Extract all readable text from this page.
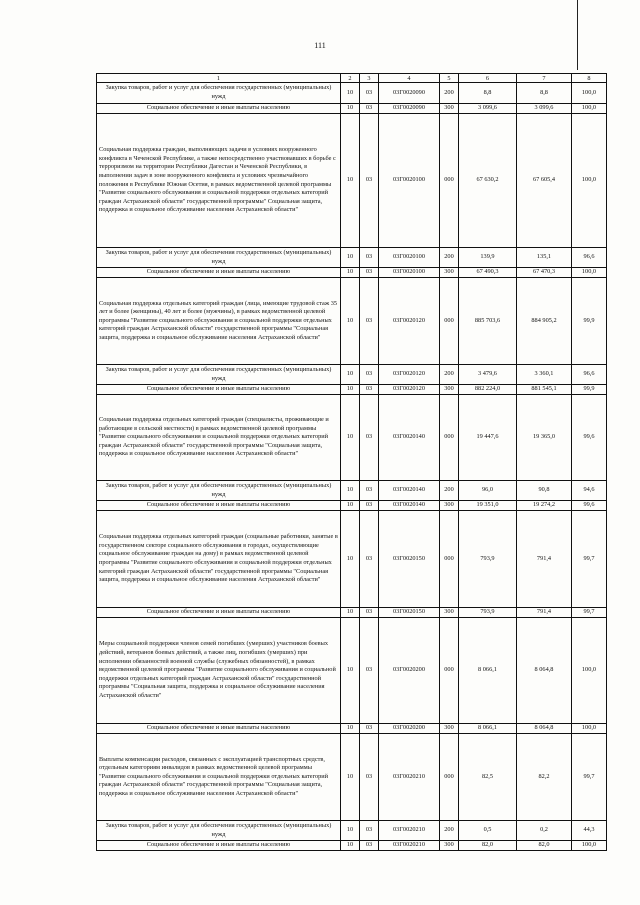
111
1	2	3	4	5	6	7	8
Закупка товаров, работ и услуг для обеспечения государственных (муниципальных) нужд	10	03	03Г0020090	200	8,8	8,8	100,0
Социальное обеспечение и иные выплаты населению	10	03	03Г0020090	300	3 099,6	3 099,6	100,0
Социальная поддержка граждан, выполняющих задачи в условиях вооруженного конфликта в Чеченской Республике, а также непосредственно участвовавших в борьбе с терроризмом на территории Республики Дагестан и Чеченской Республики, в выполнении задач в зоне вооруженного конфликта и условиях чрезвычайного положения в Республике Южная Осетия, в рамках ведомственной целевой программы "Развитие социального обслуживания и социальной поддержки отдельных категорий граждан Астраханской области" государственной программы" Социальная защита, поддержка и социальное обслуживание населения Астраханской области"	10	03	03Г0020100	000	67 630,2	67 605,4	100,0
Закупка товаров, работ и услуг для обеспечения государственных (муниципальных) нужд	10	03	03Г0020100	200	139,9	135,1	96,6
Социальное обеспечение и иные выплаты населению	10	03	03Г0020100	300	67 490,3	67 470,3	100,0
Социальная поддержка отдельных категорий граждан (лица, имеющие трудовой стаж 35 лет и более (женщины), 40 лет и более (мужчины), в рамках ведомственной целевой программы "Развитие социального обслуживания и социальной поддержки отдельных категорий граждан Астраханской области" государственной программы "Социальная защита, поддержка и социальное обслуживание населения Астраханской области"	10	03	03Г0020120	000	885 703,6	884 905,2	99,9
Закупка товаров, работ и услуг для обеспечения государственных (муниципальных) нужд	10	03	03Г0020120	200	3 479,6	3 360,1	96,6
Социальное обеспечение и иные выплаты населению	10	03	03Г0020120	300	882 224,0	881 545,1	99,9
Социальная поддержка отдельных категорий граждан (специалисты, проживающие и работающие в сельской местности) в рамках ведомственной целевой программы "Развитие социального обслуживания и социальной поддержки отдельных категорий граждан Астраханской области" государственной программы "Социальная защита, поддержка и социальное обслуживание населения Астраханской области"	10	03	03Г0020140	000	19 447,6	19 365,0	99,6
Закупка товаров, работ и услуг для обеспечения государственных (муниципальных) нужд	10	03	03Г0020140	200	96,0	90,8	94,6
Социальное обеспечение и иные выплаты населению	10	03	03Г0020140	300	19 351,0	19 274,2	99,6
Социальная поддержка отдельных категорий граждан (социальные работники, занятые в государственном секторе социального обслуживания в городах, осуществляющие социальное обслуживание граждан на дому) в рамках ведомственной целевой программы "Развитие социального обслуживания и социальной поддержки отдельных категорий граждан Астраханской области" государственной программы "Социальная защита, поддержка и социальное обслуживание населения Астраханской области"	10	03	03Г0020150	000	793,9	791,4	99,7
Социальное обеспечение и иные выплаты населению	10	03	03Г0020150	300	793,9	791,4	99,7
Меры социальной поддержки членов семей погибших (умерших) участников боевых действий, ветеранов боевых действий, а также лиц, погибших (умерших) при исполнении обязанностей военной службы (служебных обязанностей), в рамках ведомственной целевой программы "Развитие социального обслуживания и социальной поддержки отдельных категорий граждан Астраханской области" государственной программы "Социальная защита, поддержка и социальное обслуживание населения Астраханской области"	10	03	03Г0020200	000	8 066,1	8 064,8	100,0
Социальное обеспечение и иные выплаты населению	10	03	03Г0020200	300	8 066,1	8 064,8	100,0
Выплаты компенсации расходов, связанных с эксплуатацией транспортных средств, отдельным категориям инвалидов в рамках ведомственной целевой программы "Развитие социального обслуживания и социальной поддержки отдельных категорий граждан Астраханской области" государственной программы "Социальная защита, поддержка и социальное обслуживание населения Астраханской области"	10	03	03Г0020210	000	82,5	82,2	99,7
Закупка товаров, работ и услуг для обеспечения государственных (муниципальных) нужд	10	03	03Г0020210	200	0,5	0,2	44,3
Социальное обеспечение и иные выплаты населению	10	03	03Г0020210	300	82,0	82,0	100,0
